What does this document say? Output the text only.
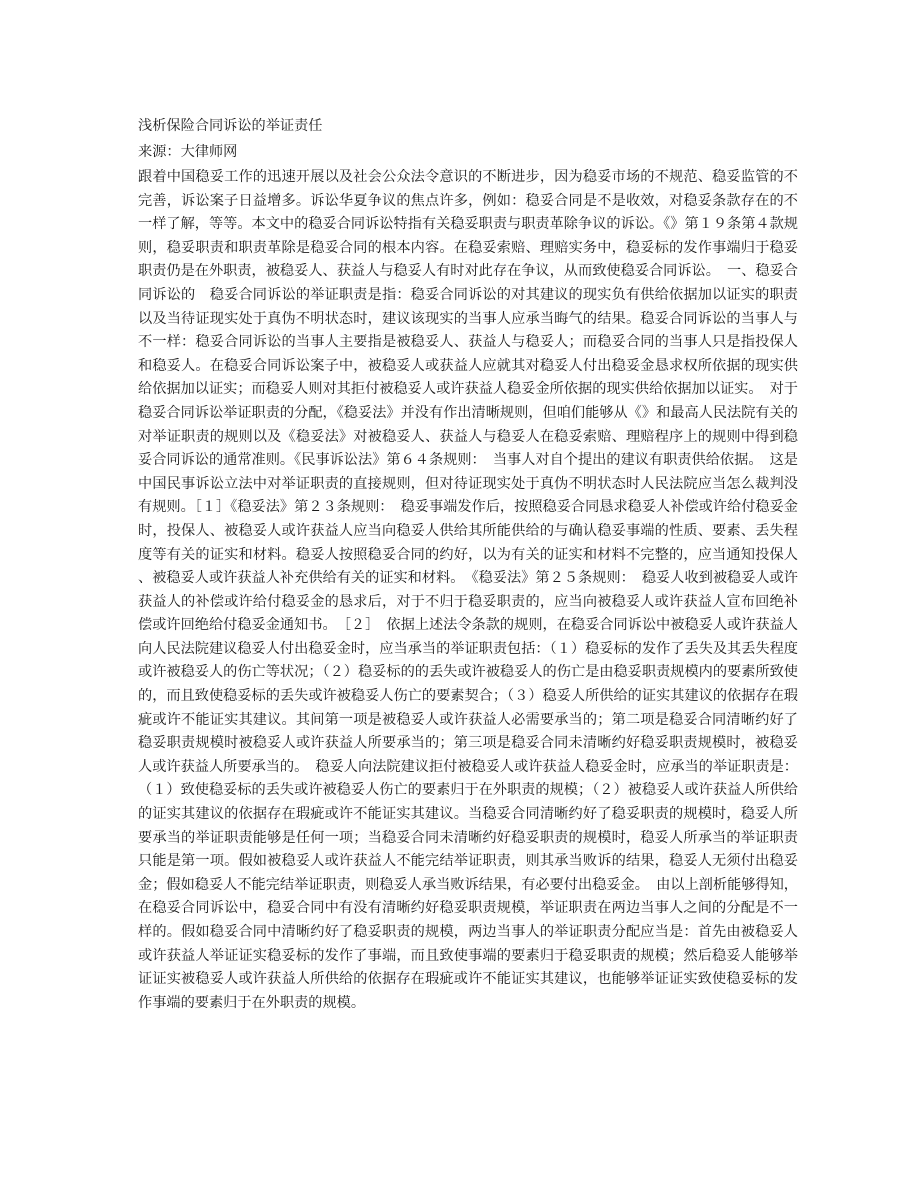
浅析保险合同诉讼的举证责任
来源：大律师网

跟着中国稳妥工作的迅速开展以及社会公众法令意识的不断进步，因为稳妥市场的不规范、稳妥监管的不完善，诉讼案子日益增多。诉讼华夏争议的焦点许多，例如：稳妥合同是不是收效，对稳妥条款存在的不一样了解，等等。本文中的稳妥合同诉讼特指有关稳妥职责与职责革除争议的诉讼。《》第１９条第４款规则，稳妥职责和职责革除是稳妥合同的根本内容。在稳妥索赔、理赔实务中，稳妥标的发作事端归于稳妥职责仍是在外职责，被稳妥人、获益人与稳妥人有时对此存在争议，从而致使稳妥合同诉讼。　一、稳妥合同诉讼的　稳妥合同诉讼的举证职责是指：稳妥合同诉讼的对其建议的现实负有供给依据加以证实的职责以及当待证现实处于真伪不明状态时，建议该现实的当事人应承当晦气的结果。稳妥合同诉讼的当事人与不一样：稳妥合同诉讼的当事人主要指是被稳妥人、获益人与稳妥人；而稳妥合同的当事人只是指投保人和稳妥人。在稳妥合同诉讼案子中，被稳妥人或获益人应就其对稳妥人付出稳妥金恳求权所依据的现实供给依据加以证实；而稳妥人则对其拒付被稳妥人或许获益人稳妥金所依据的现实供给依据加以证实。　对于稳妥合同诉讼举证职责的分配，《稳妥法》并没有作出清晰规则，但咱们能够从《》和最高人民法院有关的对举证职责的规则以及《稳妥法》对被稳妥人、获益人与稳妥人在稳妥索赔、理赔程序上的规则中得到稳妥合同诉讼的通常准则。《民事诉讼法》第６４条规则：　当事人对自个提出的建议有职责供给依据。　这是中国民事诉讼立法中对举证职责的直接规则，但对待证现实处于真伪不明状态时人民法院应当怎么裁判没有规则。［１］《稳妥法》第２３条规则：　稳妥事端发作后，按照稳妥合同恳求稳妥人补偿或许给付稳妥金时，投保人、被稳妥人或许获益人应当向稳妥人供给其所能供给的与确认稳妥事端的性质、要素、丢失程度等有关的证实和材料。稳妥人按照稳妥合同的约好，以为有关的证实和材料不完整的，应当通知投保人、被稳妥人或许获益人补充供给有关的证实和材料。　《稳妥法》第２５条规则：　稳妥人收到被稳妥人或许获益人的补偿或许给付稳妥金的恳求后，对于不归于稳妥职责的，应当向被稳妥人或许获益人宣布回绝补偿或许回绝给付稳妥金通知书。　［２］　依据上述法令条款的规则，在稳妥合同诉讼中被稳妥人或许获益人向人民法院建议稳妥人付出稳妥金时，应当承当的举证职责包括：（１）稳妥标的发作了丢失及其丢失程度或许被稳妥人的伤亡等状况；（２）稳妥标的的丢失或许被稳妥人的伤亡是由稳妥职责规模内的要素所致使的，而且致使稳妥标的丢失或许被稳妥人伤亡的要素契合；（３）稳妥人所供给的证实其建议的依据存在瑕疵或许不能证实其建议。其间第一项是被稳妥人或许获益人必需要承当的；第二项是稳妥合同清晰约好了稳妥职责规模时被稳妥人或许获益人所要承当的；第三项是稳妥合同未清晰约好稳妥职责规模时，被稳妥人或许获益人所要承当的。　稳妥人向法院建议拒付被稳妥人或许获益人稳妥金时，应承当的举证职责是：（１）致使稳妥标的丢失或许被稳妥人伤亡的要素归于在外职责的规模；（２）被稳妥人或许获益人所供给的证实其建议的依据存在瑕疵或许不能证实其建议。当稳妥合同清晰约好了稳妥职责的规模时，稳妥人所要承当的举证职责能够是任何一项；当稳妥合同未清晰约好稳妥职责的规模时，稳妥人所承当的举证职责只能是第一项。假如被稳妥人或许获益人不能完结举证职责，则其承当败诉的结果，稳妥人无须付出稳妥金；假如稳妥人不能完结举证职责，则稳妥人承当败诉结果，有必要付出稳妥金。　由以上剖析能够得知，在稳妥合同诉讼中，稳妥合同中有没有清晰约好稳妥职责规模，举证职责在两边当事人之间的分配是不一样的。假如稳妥合同中清晰约好了稳妥职责的规模，两边当事人的举证职责分配应当是：首先由被稳妥人或许获益人举证证实稳妥标的发作了事端，而且致使事端的要素归于稳妥职责的规模；然后稳妥人能够举证证实被稳妥人或许获益人所供给的依据存在瑕疵或许不能证实其建议，也能够举证证实致使稳妥标的发作事端的要素归于在外职责的规模。
